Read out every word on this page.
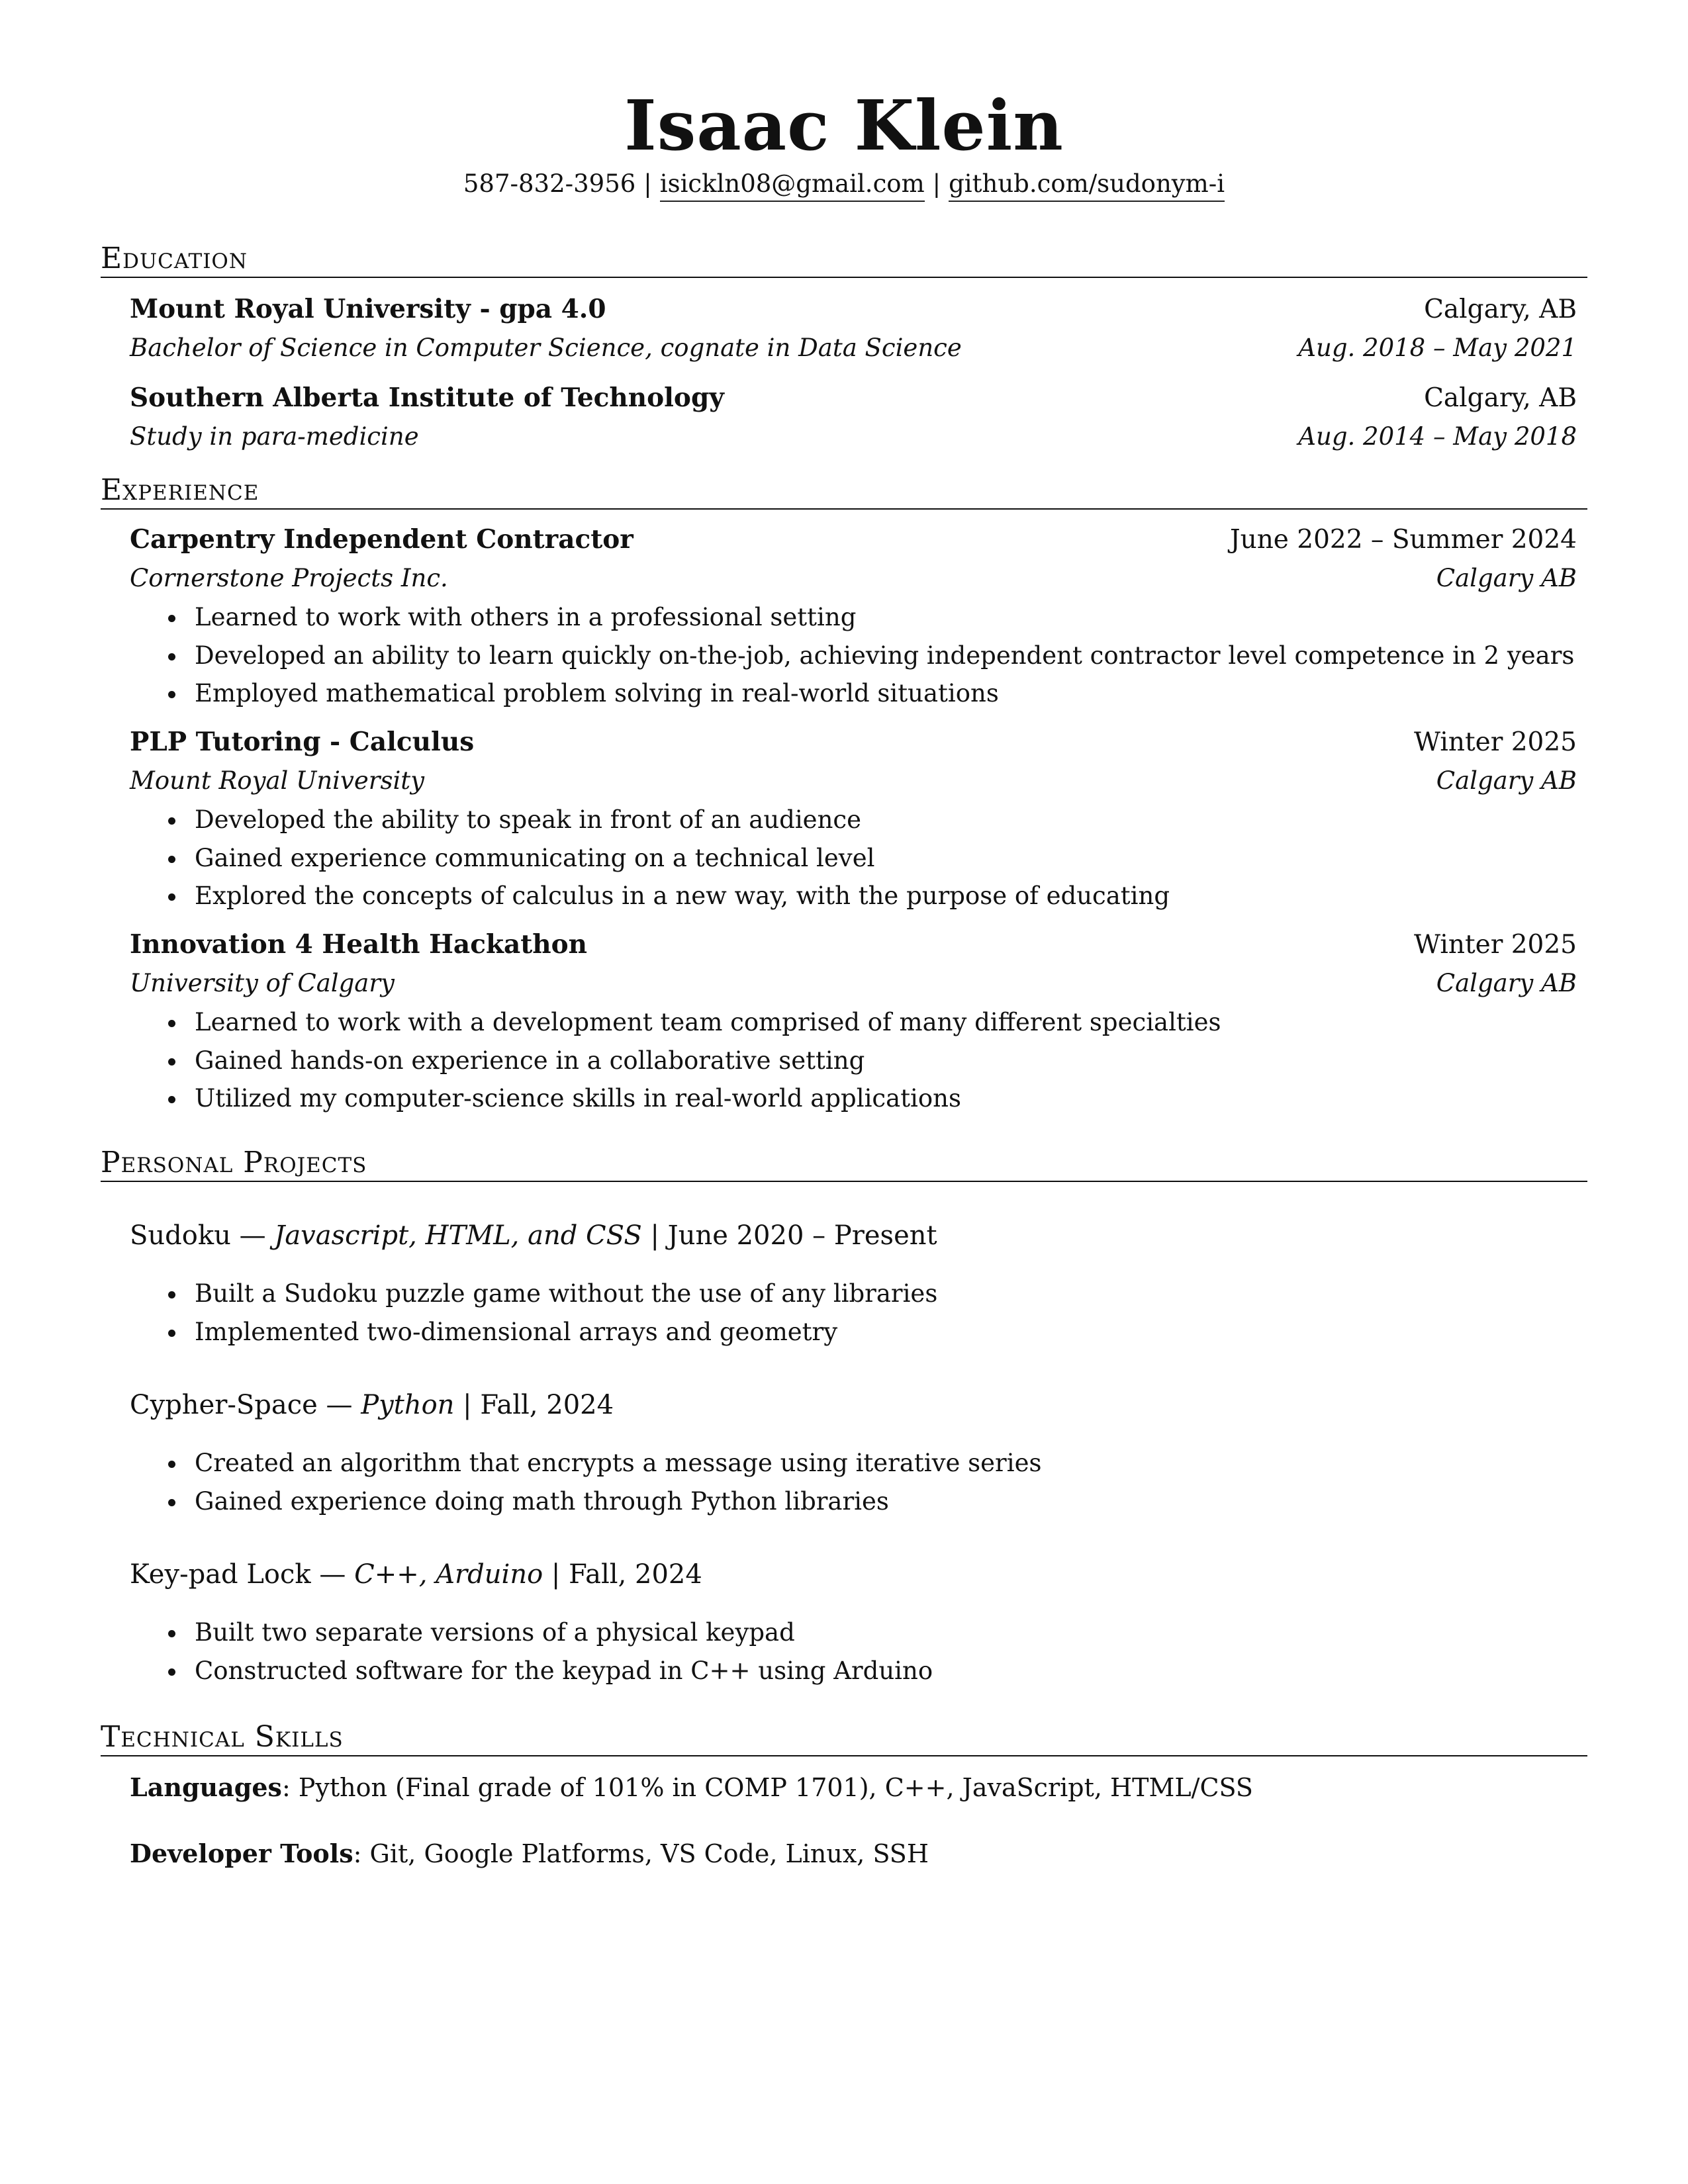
Isaac Klein
587-832-3956 | isickln08@gmail.com | github.com/sudonym-i
Education
Mount Royal University - gpa 4.0	Calgary, AB
Bachelor of Science in Computer Science, cognate in Data Science	Aug. 2018 – May 2021
Southern Alberta Institute of Technology	Calgary, AB
Study in para-medicine	Aug. 2014 – May 2018
Experience
Carpentry Independent Contractor	June 2022 – Summer 2024
Cornerstone Projects Inc.	Calgary AB
Learned to work with others in a professional setting
Developed an ability to learn quickly on-the-job, achieving independent contractor level competence in 2 years
Employed mathematical problem solving in real-world situations
PLP Tutoring - Calculus	Winter 2025
Mount Royal University	Calgary AB
Developed the ability to speak in front of an audience
Gained experience communicating on a technical level
Explored the concepts of calculus in a new way, with the purpose of educating
Innovation 4 Health Hackathon	Winter 2025
University of Calgary	Calgary AB
Learned to work with a development team comprised of many different specialties
Gained hands-on experience in a collaborative setting
Utilized my computer-science skills in real-world applications
Personal Projects
Sudoku — Javascript, HTML, and CSS | June 2020 – Present
Built a Sudoku puzzle game without the use of any libraries
Implemented two-dimensional arrays and geometry
Cypher-Space — Python | Fall, 2024
Created an algorithm that encrypts a message using iterative series
Gained experience doing math through Python libraries
Key-pad Lock — C++, Arduino | Fall, 2024
Built two separate versions of a physical keypad
Constructed software for the keypad in C++ using Arduino
Technical Skills
Languages: Python (Final grade of 101% in COMP 1701), C++, JavaScript, HTML/CSS
Developer Tools: Git, Google Platforms, VS Code, Linux, SSH
